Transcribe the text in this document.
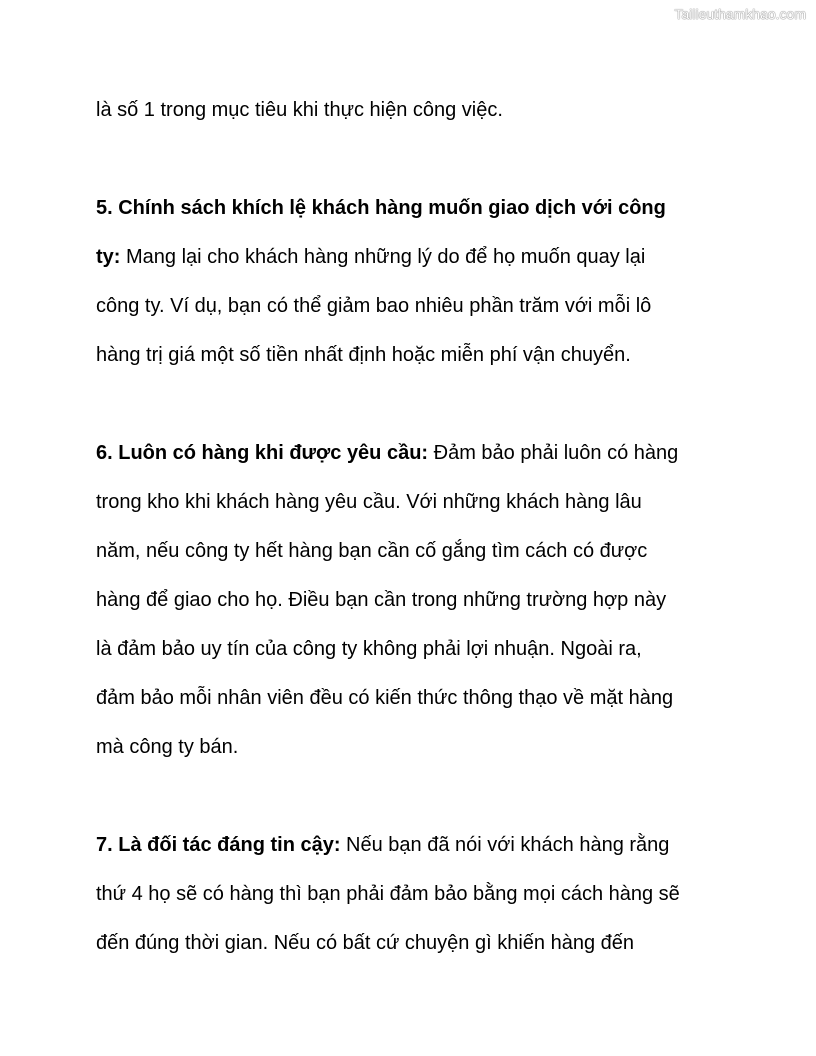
Tailieuthamkhao.com
là số 1 trong mục tiêu khi thực hiện công việc.
5. Chính sách khích lệ khách hàng muốn giao dịch với công
ty: Mang lại cho khách hàng những lý do để họ muốn quay lại
công ty. Ví dụ, bạn có thể giảm bao nhiêu phần trăm với mỗi lô
hàng trị giá một số tiền nhất định hoặc miễn phí vận chuyển.
6. Luôn có hàng khi được yêu cầu: Đảm bảo phải luôn có hàng
trong kho khi khách hàng yêu cầu. Với những khách hàng lâu
năm, nếu công ty hết hàng bạn cần cố gắng tìm cách có được
hàng để giao cho họ. Điều bạn cần trong những trường hợp này
là đảm bảo uy tín của công ty không phải lợi nhuận. Ngoài ra,
đảm bảo mỗi nhân viên đều có kiến thức thông thạo về mặt hàng
mà công ty bán.
7. Là đối tác đáng tin cậy: Nếu bạn đã nói với khách hàng rằng
thứ 4 họ sẽ có hàng thì bạn phải đảm bảo bằng mọi cách hàng sẽ
đến đúng thời gian. Nếu có bất cứ chuyện gì khiến hàng đến
